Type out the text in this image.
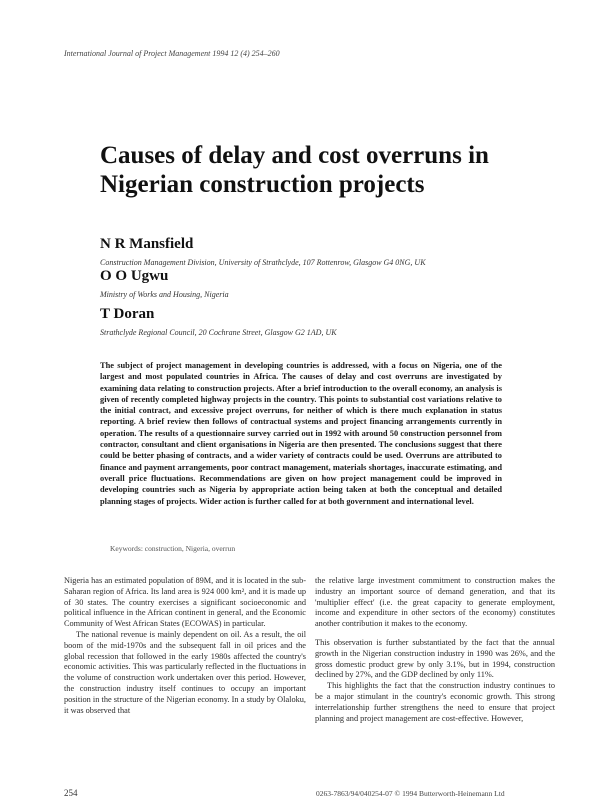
International Journal of Project Management 1994 12 (4) 254–260
Causes of delay and cost overruns in Nigerian construction projects
N R Mansfield
Construction Management Division, University of Strathclyde, 107 Rottenrow, Glasgow G4 0NG, UK
O O Ugwu
Ministry of Works and Housing, Nigeria
T Doran
Strathclyde Regional Council, 20 Cochrane Street, Glasgow G2 1AD, UK
The subject of project management in developing countries is addressed, with a focus on Nigeria, one of the largest and most populated countries in Africa. The causes of delay and cost overruns are investigated by examining data relating to construction projects. After a brief introduction to the overall economy, an analysis is given of recently completed highway projects in the country. This points to substantial cost variations relative to the initial contract, and excessive project overruns, for neither of which is there much explanation in status reporting. A brief review then follows of contractual systems and project financing arrangements currently in operation. The results of a questionnaire survey carried out in 1992 with around 50 construction personnel from contractor, consultant and client organisations in Nigeria are then presented. The conclusions suggest that there could be better phasing of contracts, and a wider variety of contracts could be used. Overruns are attributed to finance and payment arrangements, poor contract management, materials shortages, inaccurate estimating, and overall price fluctuations. Recommendations are given on how project management could be improved in developing countries such as Nigeria by appropriate action being taken at both the conceptual and detailed planning stages of projects. Wider action is further called for at both government and international level.
Keywords: construction, Nigeria, overrun

Nigeria has an estimated population of 89M, and it is located in the sub-Saharan region of Africa. Its land area is 924 000 km², and it is made up of 30 states. The country exercises a significant socioeconomic and political influence in the African continent in general, and the Economic Community of West African States (ECOWAS) in particular.

The national revenue is mainly dependent on oil. As a result, the oil boom of the mid-1970s and the subsequent fall in oil prices and the global recession that followed in the early 1980s affected the country's economic activities. This was particularly reflected in the fluctuations in the volume of construction work undertaken over this period. However, the construction industry itself continues to occupy an important position in the structure of the Nigerian economy. In a study by Olaloku, it was observed that

the relative large investment commitment to construction makes the industry an important source of demand generation, and that its 'multiplier effect' (i.e. the great capacity to generate employment, income and expenditure in other sectors of the economy) constitutes another contribution it makes to the economy.

This observation is further substantiated by the fact that the annual growth in the Nigerian construction industry in 1990 was 26%, and the gross domestic product grew by only 3.1%, but in 1994, construction declined by 27%, and the GDP declined by only 11%.

This highlights the fact that the construction industry continues to be a major stimulant in the country's economic growth. This strong interrelationship further strengthens the need to ensure that project planning and project management are cost-effective. However,

254	0263-7863/94/040254-07 © 1994 Butterworth-Heinemann Ltd
